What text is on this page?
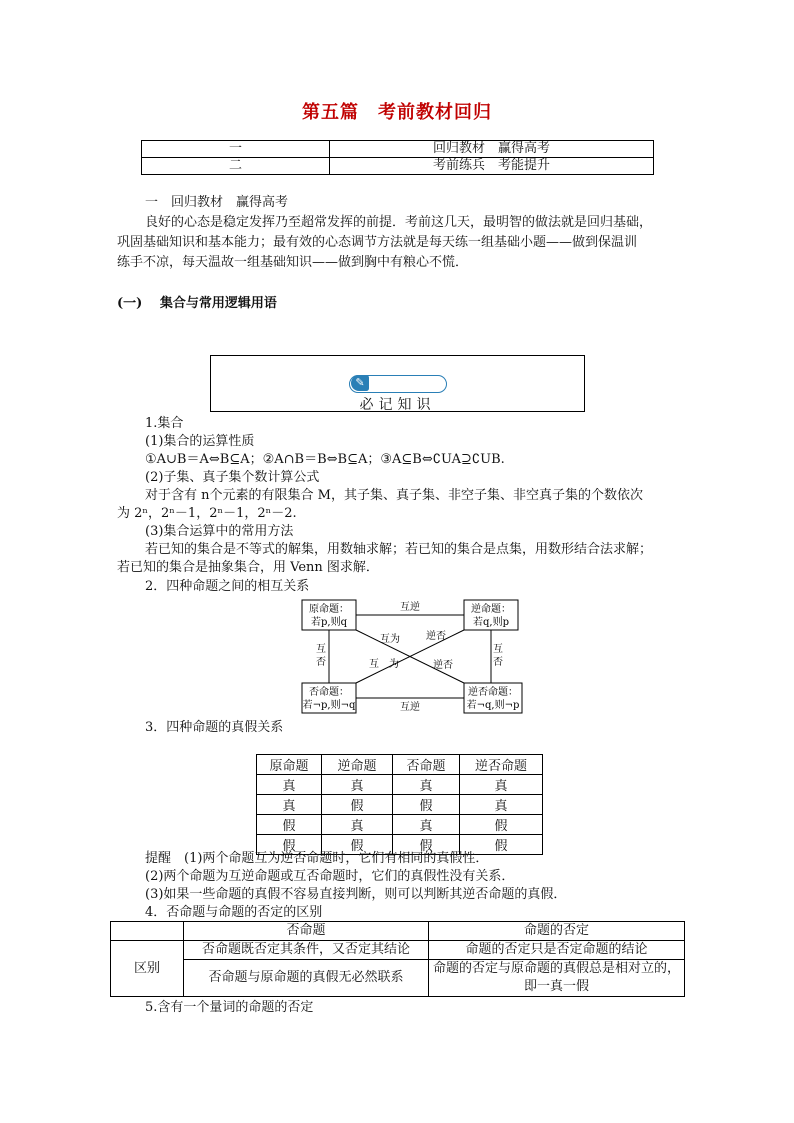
第五篇　考前教材回归
一	回归教材　赢得高考
二	考前练兵　考能提升
一　回归教材　赢得高考
良好的心态是稳定发挥乃至超常发挥的前提．考前这几天，最明智的做法就是回归基础，
巩固基础知识和基本能力；最有效的心态调节方法就是每天练一组基础小题——做到保温训
练手不凉，每天温故一组基础知识——做到胸中有粮心不慌．
(一)　 集合与常用逻辑用语
✎
必记知识
1.集合
(1)集合的运算性质
①A∪B＝A⇔B⊆A；②A∩B＝B⇔B⊆A；③A⊆B⇔∁UA⊇∁UB.
(2)子集、真子集个数计算公式
对于含有 n个元素的有限集合 M，其子集、真子集、非空子集、非空真子集的个数依次
为 2ⁿ，2ⁿ－1，2ⁿ－1，2ⁿ－2.
(3)集合运算中的常用方法
若已知的集合是不等式的解集，用数轴求解；若已知的集合是点集，用数形结合法求解；
若已知的集合是抽象集合，用 Venn 图求解．
2．四种命题之间的相互关系
原命题：
若p,则q
逆命题：
若q,则p
否命题：
若¬p,则¬q
逆否命题：
若¬q,则¬p
互逆
互逆
互
否
互
否
互为	逆否
互　为	逆否
3．四种命题的真假关系
原命题	逆命题	否命题	逆否命题
真	真	真	真
真	假	假	真
假	真	真	假
假	假	假	假
提醒　(1)两个命题互为逆否命题时，它们有相同的真假性．
(2)两个命题为互逆命题或互否命题时，它们的真假性没有关系．
(3)如果一些命题的真假不容易直接判断，则可以判断其逆否命题的真假．
4．否命题与命题的否定的区别
	否命题	命题的否定
区别	否命题既否定其条件，又否定其结论	命题的否定只是否定命题的结论
	否命题与原命题的真假无必然联系	命题的否定与原命题的真假总是相对立的，即一真一假
5.含有一个量词的命题的否定
